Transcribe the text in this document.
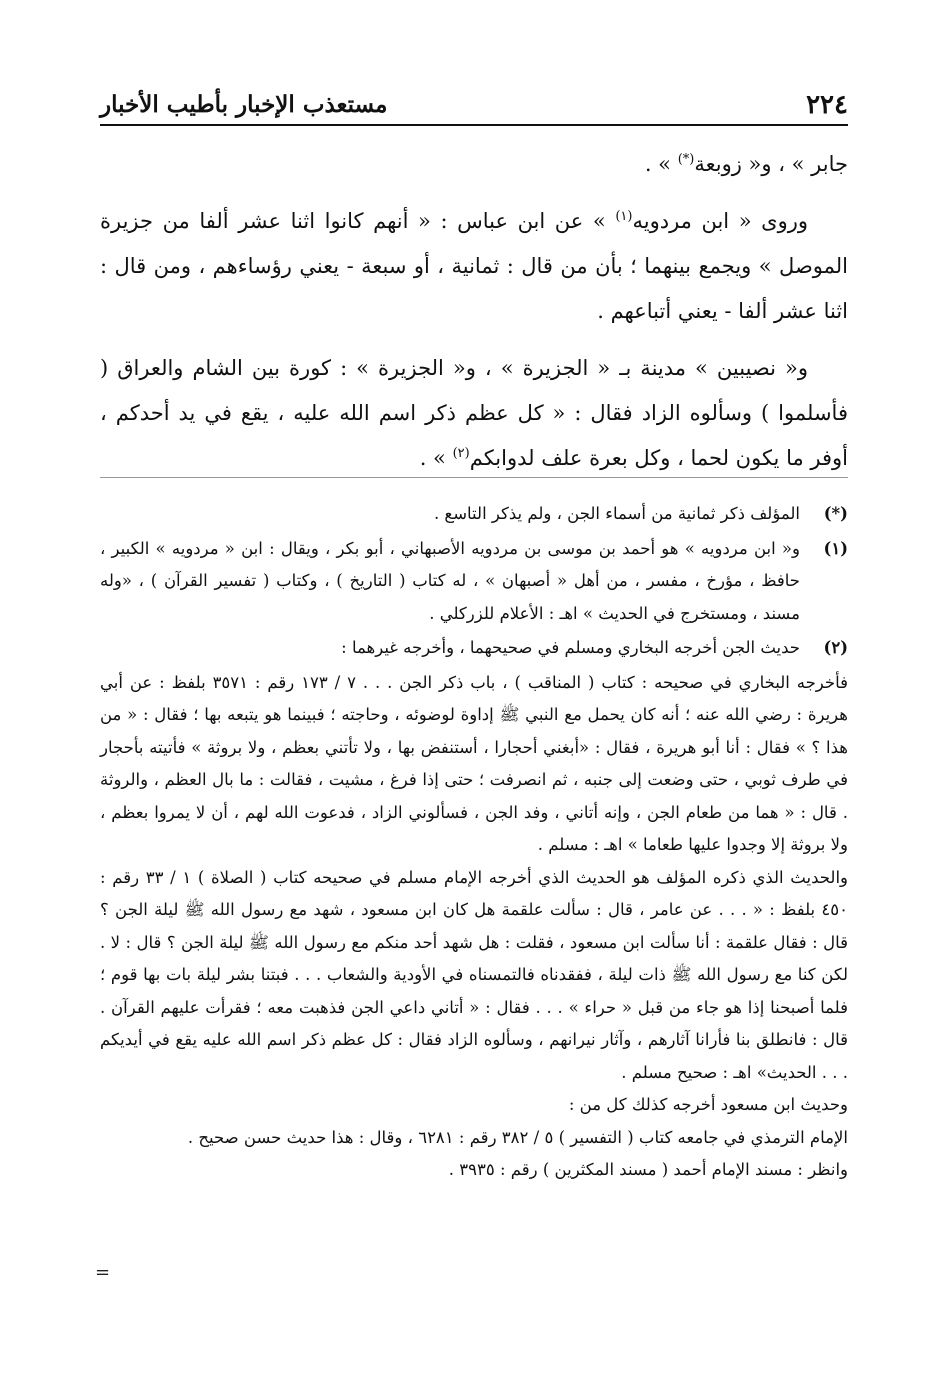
٢٢٤
مستعذب الإخبار بأطيب الأخبار

جابر » ، و« زوبعة(*) » .

وروى « ابن مردويه$^{(١)}$ » عن ابن عباس : « أنهم كانوا اثنا عشر ألفا من جزيرة الموصل » ويجمع بينهما ؛ بأن من قال : ثمانية ، أو سبعة - يعني رؤساءهم ، ومن قال : اثنا عشر ألفا - يعني أتباعهم .

و« نصيبين » مدينة بـ « الجزيرة » ، و« الجزيرة » : كورة بين الشام والعراق ( فأسلموا ) وسألوه الزاد فقال : « كل عظم ذكر اسم الله عليه ، يقع في يد أحدكم ، أوفر ما يكون لحما ، وكل بعرة علف لدوابكم$^{(٢)}$ » .

(*)
المؤلف ذكر ثمانية من أسماء الجن ، ولم يذكر التاسع .
(١)
و« ابن مردويه » هو أحمد بن موسى بن مردويه الأصبهاني ، أبو بكر ، ويقال : ابن « مردويه » الكبير ، حافظ ، مؤرخ ، مفسر ، من أهل « أصبهان » ، له كتاب ( التاريخ ) ، وكتاب ( تفسير القرآن ) ، «وله مسند ، ومستخرج في الحديث » اهـ : الأعلام للزركلي .
(٢)
حديث الجن أخرجه البخاري ومسلم في صحيحهما ، وأخرجه غيرهما :
فأخرجه البخاري في صحيحه : كتاب ( المناقب ) ، باب ذكر الجن . . . ٧ / ١٧٣ رقم : ٣٥٧١ بلفظ : عن أبي هريرة : رضي الله عنه ؛ أنه كان يحمل مع النبي ﷺ إداوة لوضوئه ، وحاجته ؛ فبينما هو يتبعه بها ؛ فقال : « من هذا ؟ » فقال : أنا أبو هريرة ، فقال : «أبغني أحجارا ، أستنفض بها ، ولا تأتني بعظم ، ولا بروثة » فأتيته بأحجار في طرف ثوبي ، حتى وضعت إلى جنبه ، ثم انصرفت ؛ حتى إذا فرغ ، مشيت ، فقالت : ما بال العظم ، والروثة . قال : « هما من طعام الجن ، وإنه أتاني ، وفد الجن ، فسألوني الزاد ، فدعوت الله لهم ، أن لا يمروا بعظم ، ولا بروثة إلا وجدوا عليها طعاما » اهـ : مسلم .
والحديث الذي ذكره المؤلف هو الحديث الذي أخرجه الإمام مسلم في صحيحه كتاب ( الصلاة ) ١ / ٣٣ رقم : ٤٥٠ بلفظ : « . . . عن عامر ، قال : سألت علقمة هل كان ابن مسعود ، شهد مع رسول الله ﷺ ليلة الجن ؟ قال : فقال علقمة : أنا سألت ابن مسعود ، فقلت : هل شهد أحد منكم مع رسول الله ﷺ ليلة الجن ؟ قال : لا . لكن كنا مع رسول الله ﷺ ذات ليلة ، ففقدناه فالتمسناه في الأودية والشعاب . . . فبتنا بشر ليلة بات بها قوم ؛ فلما أصبحنا إذا هو جاء من قبل « حراء » . . . فقال : « أتاني داعي الجن فذهبت معه ؛ فقرأت عليهم القرآن . قال : فانطلق بنا فأرانا آثارهم ، وآثار نيرانهم ، وسألوه الزاد فقال : كل عظم ذكر اسم الله عليه يقع في أيديكم . . . الحديث» اهـ : صحيح مسلم .
وحديث ابن مسعود أخرجه كذلك كل من :
الإمام الترمذي في جامعه كتاب ( التفسير ) ٥ / ٣٨٢ رقم : ٦٢٨١ ، وقال : هذا حديث حسن صحيح .
وانظر : مسند الإمام أحمد ( مسند المكثرين ) رقم : ٣٩٣٥ .
=
